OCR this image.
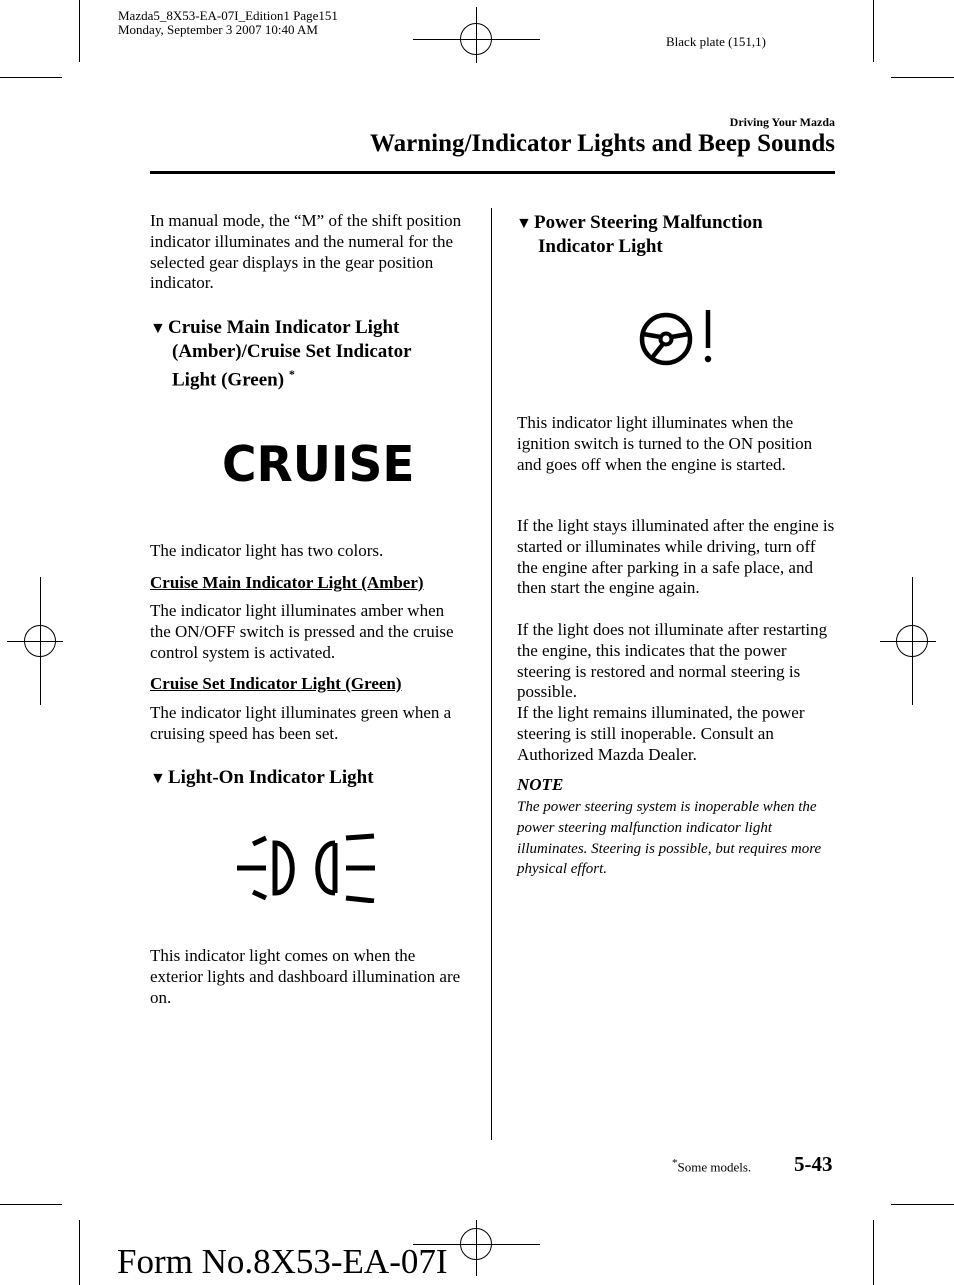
Mazda5_8X53-EA-07I_Edition1 Page151
Monday, September 3 2007 10:40 AM
Black plate (151,1)
Driving Your Mazda
Warning/Indicator Lights and Beep Sounds
In manual mode, the “M” of the shift position indicator illuminates and the numeral for the selected gear displays in the gear position indicator.
▼ Cruise Main Indicator Light
(Amber)/Cruise Set Indicator
Light (Green) *
CRUISE
The indicator light has two colors.
Cruise Main Indicator Light (Amber)
The indicator light illuminates amber when the ON/OFF switch is pressed and the cruise control system is activated.
Cruise Set Indicator Light (Green)
The indicator light illuminates green when a cruising speed has been set.
▼ Light-On Indicator Light
This indicator light comes on when the exterior lights and dashboard illumination are on.
▼ Power Steering Malfunction
Indicator Light
This indicator light illuminates when the ignition switch is turned to the ON position and goes off when the engine is started.
If the light stays illuminated after the engine is started or illuminates while driving, turn off the engine after parking in a safe place, and then start the engine again.
If the light does not illuminate after restarting the engine, this indicates that the power steering is restored and normal steering is possible.
If the light remains illuminated, the power steering is still inoperable. Consult an Authorized Mazda Dealer.
NOTE
The power steering system is inoperable when the power steering malfunction indicator light illuminates. Steering is possible, but requires more physical effort.
*Some models. 5-43
Form No.8X53-EA-07I
